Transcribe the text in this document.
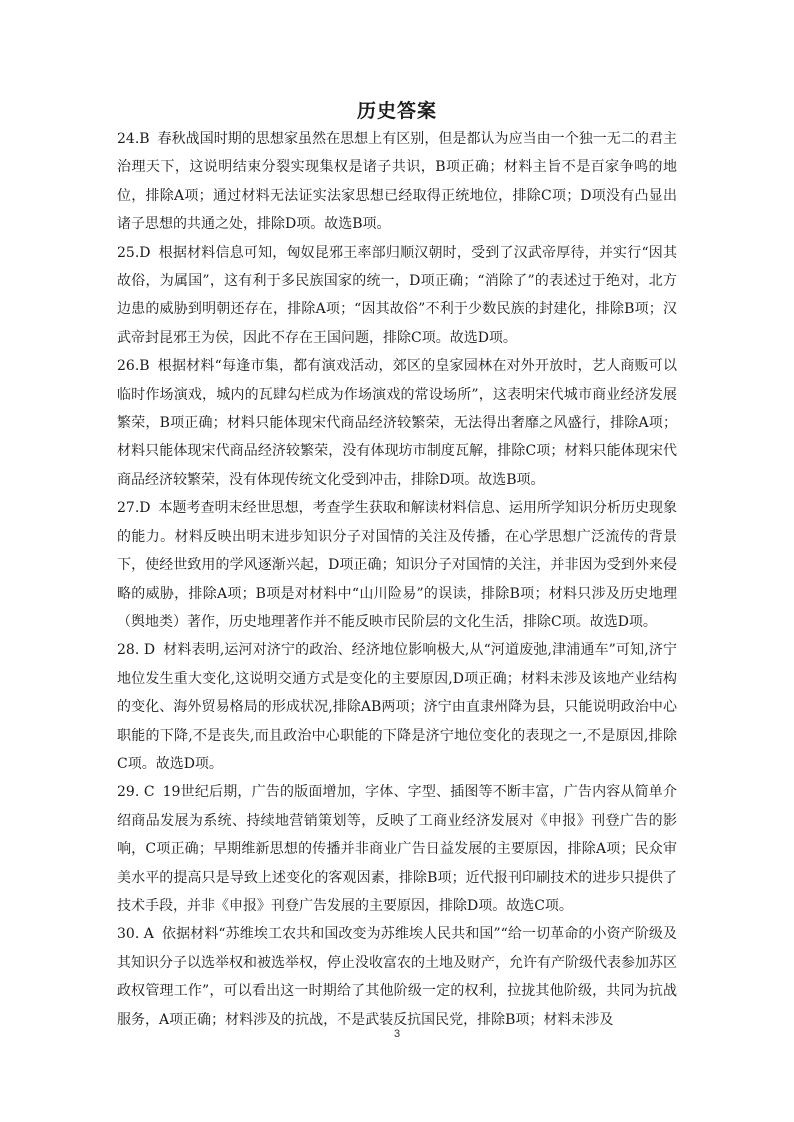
历史答案

24.B 春秋战国时期的思想家虽然在思想上有区别，但是都认为应当由一个独一无二的君主治理天下，这说明结束分裂实现集权是诸子共识，B项正确；材料主旨不是百家争鸣的地位，排除A项；通过材料无法证实法家思想已经取得正统地位，排除C项；D项没有凸显出诸子思想的共通之处，排除D项。故选B项。

25.D 根据材料信息可知，匈奴昆邪王率部归顺汉朝时，受到了汉武帝厚待，并实行“因其故俗，为属国”，这有利于多民族国家的统一，D项正确；“消除了”的表述过于绝对，北方边患的威胁到明朝还存在，排除A项；“因其故俗”不利于少数民族的封建化，排除B项；汉武帝封昆邪王为侯，因此不存在王国问题，排除C项。故选D项。

26.B 根据材料“每逢市集，都有演戏活动，郊区的皇家园林在对外开放时，艺人商贩可以临时作场演戏，城内的瓦肆勾栏成为作场演戏的常设场所”，这表明宋代城市商业经济发展繁荣，B项正确；材料只能体现宋代商品经济较繁荣，无法得出奢靡之风盛行，排除A项；材料只能体现宋代商品经济较繁荣，没有体现坊市制度瓦解，排除C项；材料只能体现宋代商品经济较繁荣，没有体现传统文化受到冲击，排除D项。故选B项。

27.D 本题考查明末经世思想，考查学生获取和解读材料信息、运用所学知识分析历史现象的能力。材料反映出明末进步知识分子对国情的关注及传播，在心学思想广泛流传的背景下，使经世致用的学风逐渐兴起，D项正确；知识分子对国情的关注，并非因为受到外来侵略的威胁，排除A项；B项是对材料中“山川险易”的误读，排除B项；材料只涉及历史地理（舆地类）著作，历史地理著作并不能反映市民阶层的文化生活，排除C项。故选D项。

28. D 材料表明,运河对济宁的政治、经济地位影响极大,从“河道废弛,津浦通车”可知,济宁地位发生重大变化,这说明交通方式是变化的主要原因,D项正确；材料未涉及该地产业结构的变化、海外贸易格局的形成状况,排除AB两项；济宁由直隶州降为县，只能说明政治中心职能的下降,不是丧失,而且政治中心职能的下降是济宁地位变化的表现之一,不是原因,排除C项。故选D项。

29. C 19世纪后期，广告的版面增加，字体、字型、插图等不断丰富，广告内容从简单介绍商品发展为系统、持续地营销策划等，反映了工商业经济发展对《申报》刊登广告的影响，C项正确；早期维新思想的传播并非商业广告日益发展的主要原因，排除A项；民众审美水平的提高只是导致上述变化的客观因素，排除B项；近代报刊印刷技术的进步只提供了技术手段，并非《申报》刊登广告发展的主要原因，排除D项。故选C项。

30. A 依据材料“苏维埃工农共和国改变为苏维埃人民共和国”“给一切革命的小资产阶级及其知识分子以选举权和被选举权，停止没收富农的土地及财产，允许有产阶级代表参加苏区政权管理工作”，可以看出这一时期给了其他阶级一定的权利，拉拢其他阶级，共同为抗战服务，A项正确；材料涉及的抗战，不是武装反抗国民党，排除B项；材料未涉及

3
